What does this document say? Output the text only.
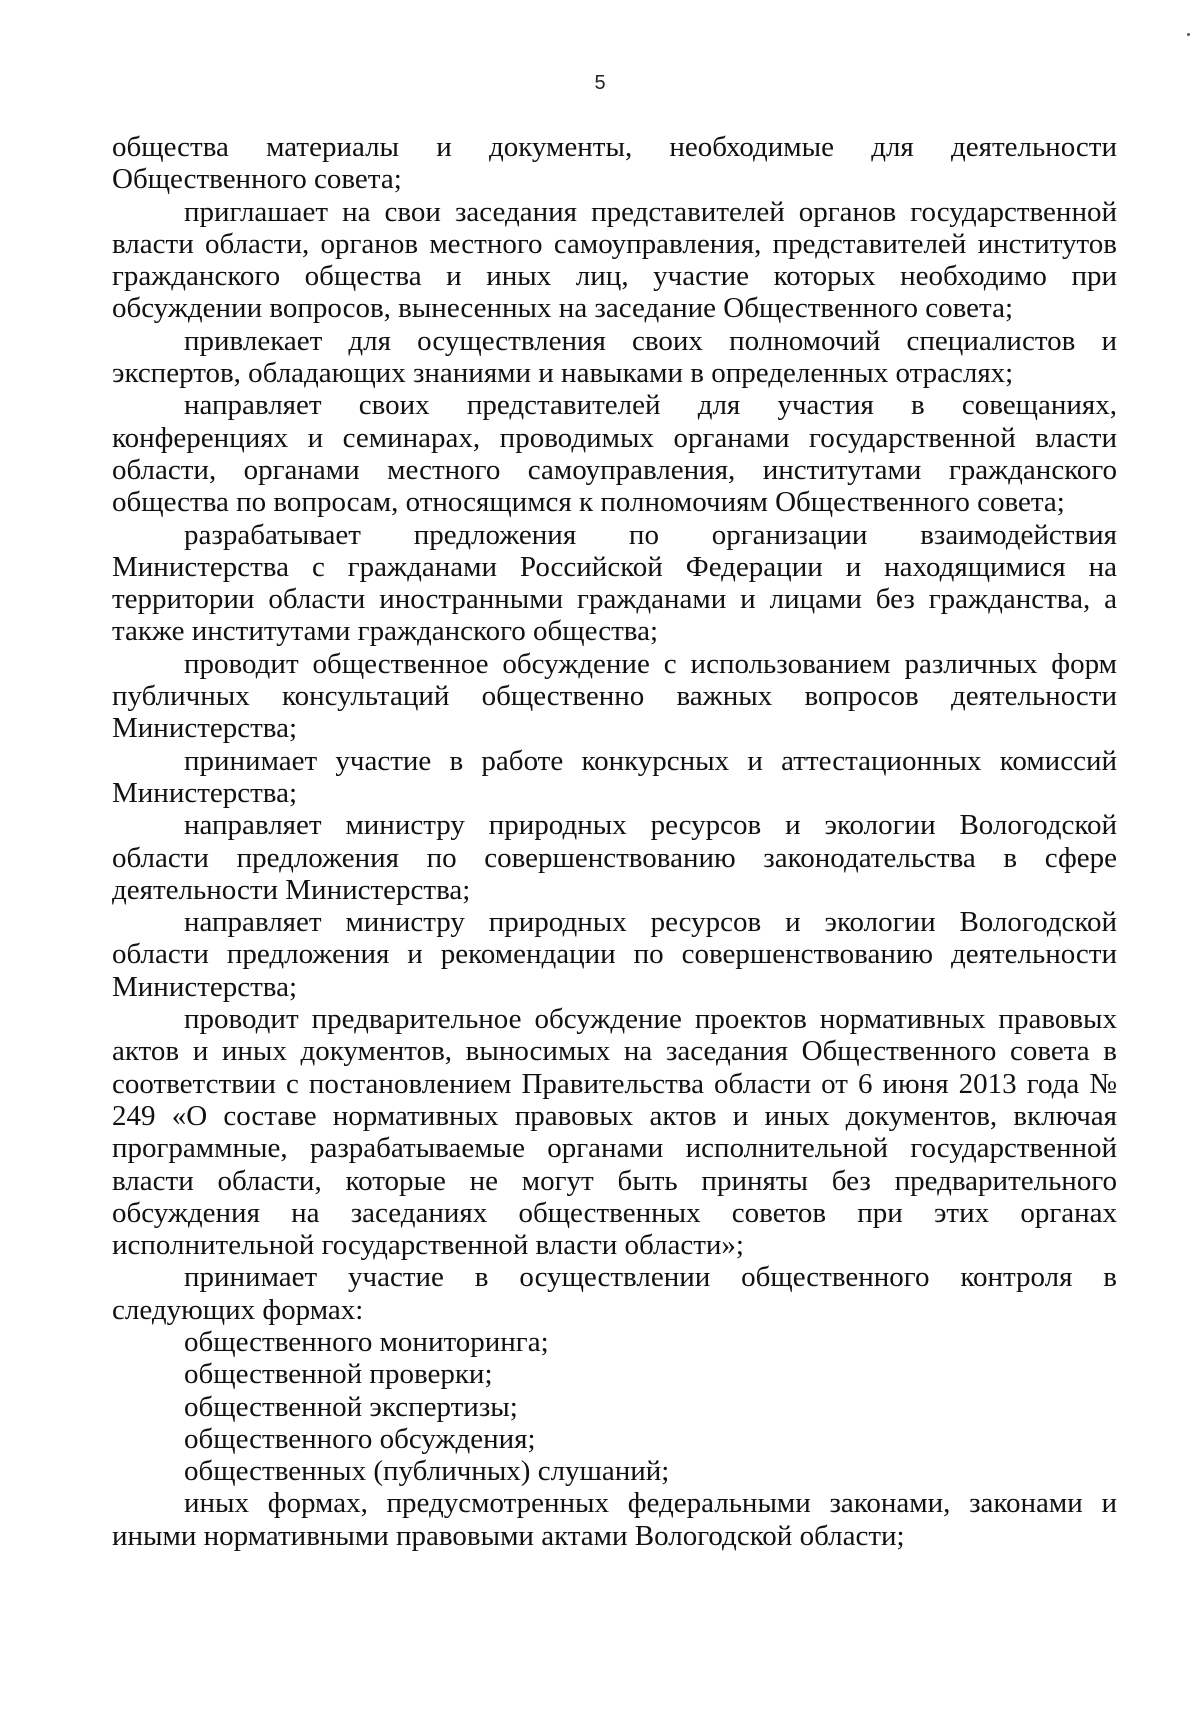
5

общества материалы и документы, необходимые для деятельности Общественного совета;

приглашает на свои заседания представителей органов государственной власти области, органов местного самоуправления, представителей институтов гражданского общества и иных лиц, участие которых необходимо при обсуждении вопросов, вынесенных на заседание Общественного совета;

привлекает для осуществления своих полномочий специалистов и экспертов, обладающих знаниями и навыками в определенных отраслях;

направляет своих представителей для участия в совещаниях, конференциях и семинарах, проводимых органами государственной власти области, органами местного самоуправления, институтами гражданского общества по вопросам, относящимся к полномочиям Общественного совета;

разрабатывает предложения по организации взаимодействия Министерства с гражданами Российской Федерации и находящимися на территории области иностранными гражданами и лицами без гражданства, а также институтами гражданского общества;

проводит общественное обсуждение с использованием различных форм публичных консультаций общественно важных вопросов деятельности Министерства;

принимает участие в работе конкурсных и аттестационных комиссий Министерства;

направляет министру природных ресурсов и экологии Вологодской области предложения по совершенствованию законодательства в сфере деятельности Министерства;

направляет министру природных ресурсов и экологии Вологодской области предложения и рекомендации по совершенствованию деятельности Министерства;

проводит предварительное обсуждение проектов нормативных правовых актов и иных документов, выносимых на заседания Общественного совета в соответствии с постановлением Правительства области от 6 июня 2013 года № 249 «О составе нормативных правовых актов и иных документов, включая программные, разрабатываемые органами исполнительной государственной власти области, которые не могут быть приняты без предварительного обсуждения на заседаниях общественных советов при этих органах исполнительной государственной власти области»;

принимает участие в осуществлении общественного контроля в следующих формах:

общественного мониторинга;

общественной проверки;

общественной экспертизы;

общественного обсуждения;

общественных (публичных) слушаний;

иных формах, предусмотренных федеральными законами, законами и иными нормативными правовыми актами Вологодской области;
